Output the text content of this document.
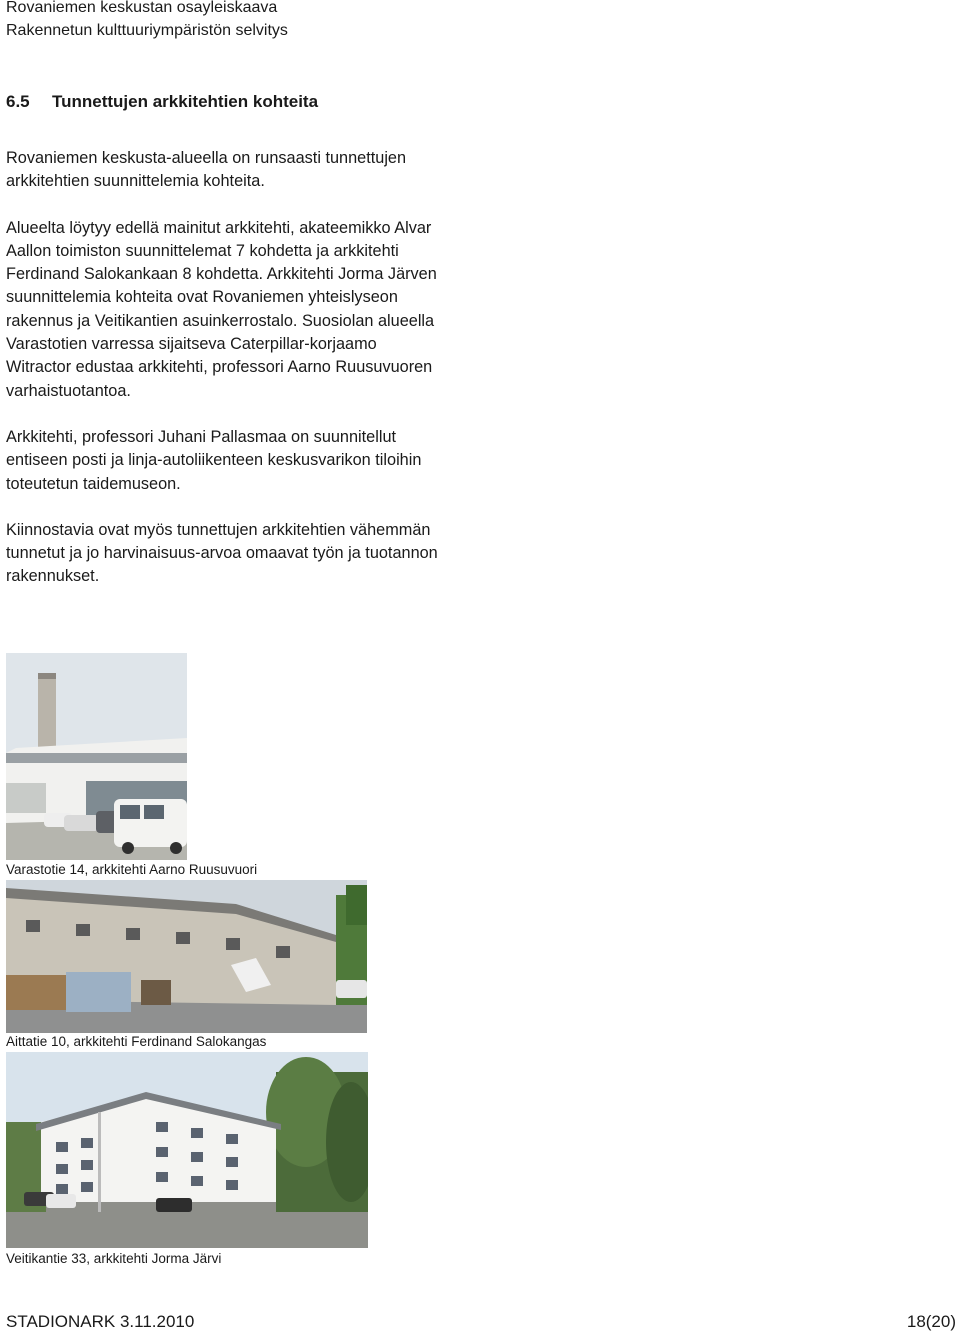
Rovaniemen keskustan osayleiskaava
Rakennetun kulttuuriympäristön selvitys
6.5 Tunnettujen arkkitehtien kohteita

Rovaniemen keskusta-alueella on runsaasti tunnettujen arkkitehtien suunnittelemia kohteita.

Alueelta löytyy edellä mainitut arkkitehti, akateemikko Alvar Aallon toimiston suunnittelemat 7 kohdetta ja arkkitehti Ferdinand Salokankaan 8 kohdetta. Arkkitehti Jorma Järven suunnittelemia kohteita ovat Rovaniemen yhteislyseon rakennus ja Veitikantien asuinkerrostalo. Suosiolan alueella Varastotien varressa sijaitseva Caterpillar-korjaamo Witractor edustaa arkkitehti, professori Aarno Ruusuvuoren varhaistuotantoa.

Arkkitehti, professori Juhani Pallasmaa on suunnitellut entiseen posti ja linja-autoliikenteen keskusvarikon tiloihin toteutetun taidemuseon.

Kiinnostavia ovat myös tunnettujen arkkitehtien vähemmän tunnetut ja jo harvinaisuus-arvoa omaavat työn ja tuotannon rakennukset.

Varastotie 14, arkkitehti Aarno Ruusuvuori
Aittatie 10, arkkitehti Ferdinand Salokangas
Veitikantie 33, arkkitehti Jorma Järvi
STADIONARK 3.11.2010	18(20)
